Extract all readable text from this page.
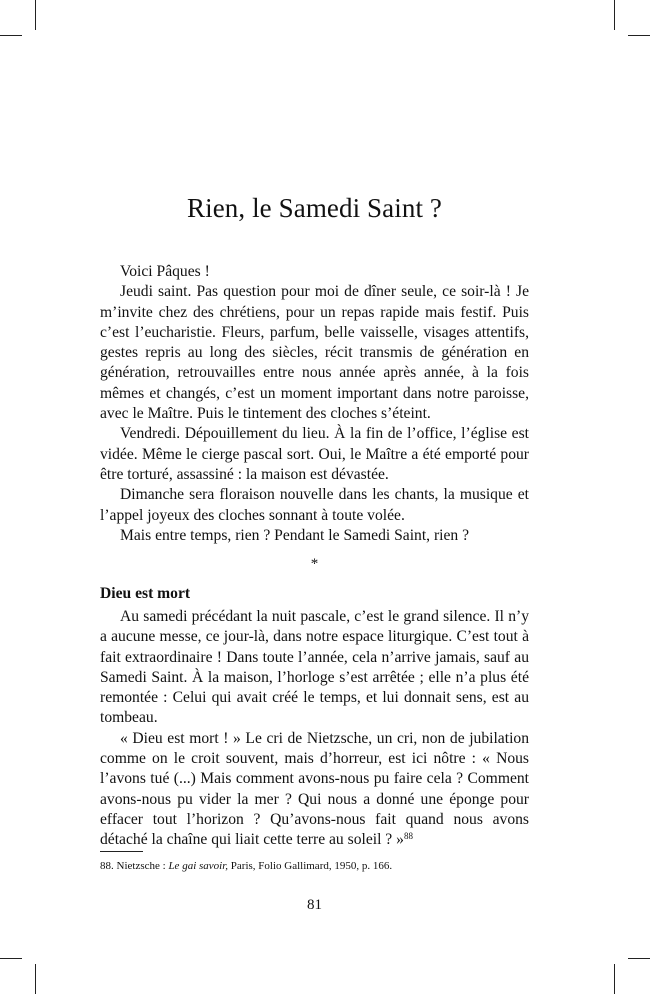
Rien, le Samedi Saint ?

Voici Pâques !

Jeudi saint. Pas question pour moi de dîner seule, ce soir-là ! Je m’invite chez des chrétiens, pour un repas rapide mais festif. Puis c’est l’eucharistie. Fleurs, parfum, belle vaisselle, visages attentifs, gestes repris au long des siècles, récit transmis de génération en génération, retrouvailles entre nous année après année, à la fois mêmes et changés, c’est un moment important dans notre paroisse, avec le Maître. Puis le tintement des cloches s’éteint.

Vendredi. Dépouillement du lieu. À la fin de l’office, l’église est vidée. Même le cierge pascal sort. Oui, le Maître a été emporté pour être torturé, assassiné : la maison est dévastée.

Dimanche sera floraison nouvelle dans les chants, la musique et l’appel joyeux des cloches sonnant à toute volée.

Mais entre temps, rien ? Pendant le Samedi Saint, rien ?

*
Dieu est mort

Au samedi précédant la nuit pascale, c’est le grand silence. Il n’y a aucune messe, ce jour-là, dans notre espace liturgique. C’est tout à fait extraordinaire ! Dans toute l’année, cela n’arrive jamais, sauf au Samedi Saint. À la maison, l’horloge s’est arrêtée ; elle n’a plus été remontée : Celui qui avait créé le temps, et lui donnait sens, est au tombeau.

« Dieu est mort ! » Le cri de Nietzsche, un cri, non de jubilation comme on le croit souvent, mais d’horreur, est ici nôtre : « Nous l’avons tué (...) Mais comment avons-nous pu faire cela ? Comment avons-nous pu vider la mer ? Qui nous a donné une éponge pour effacer tout l’horizon ? Qu’avons-nous fait quand nous avons détaché la chaîne qui liait cette terre au soleil ? »$^{88}$

88. Nietzsche : Le gai savoir, Paris, Folio Gallimard, 1950, p. 166.
81
